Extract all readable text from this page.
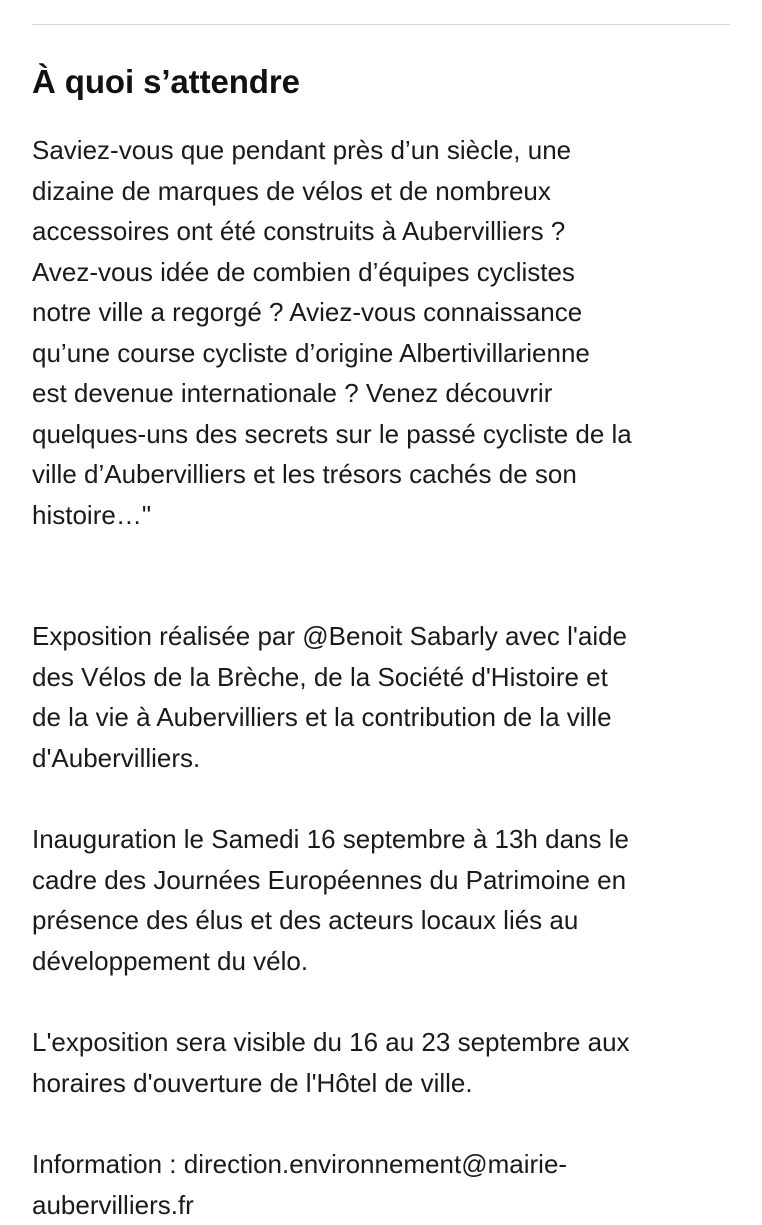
À quoi s’attendre

Saviez-vous que pendant près d’un siècle, une
dizaine de marques de vélos et de nombreux
accessoires ont été construits à Aubervilliers ?
Avez-vous idée de combien d’équipes cyclistes
notre ville a regorgé ? Aviez-vous connaissance
qu’une course cycliste d’origine Albertivillarienne
est devenue internationale ? Venez découvrir
quelques-uns des secrets sur le passé cycliste de la
ville d’Aubervilliers et les trésors cachés de son
histoire…"

Exposition réalisée par @Benoit Sabarly avec l'aide
des Vélos de la Brèche, de la Société d'Histoire et
de la vie à Aubervilliers et la contribution de la ville
d'Aubervilliers.

Inauguration le Samedi 16 septembre à 13h dans le
cadre des Journées Européennes du Patrimoine en
présence des élus et des acteurs locaux liés au
développement du vélo.

L'exposition sera visible du 16 au 23 septembre aux
horaires d'ouverture de l'Hôtel de ville.

Information : direction.environnement@mairie-
aubervilliers.fr
